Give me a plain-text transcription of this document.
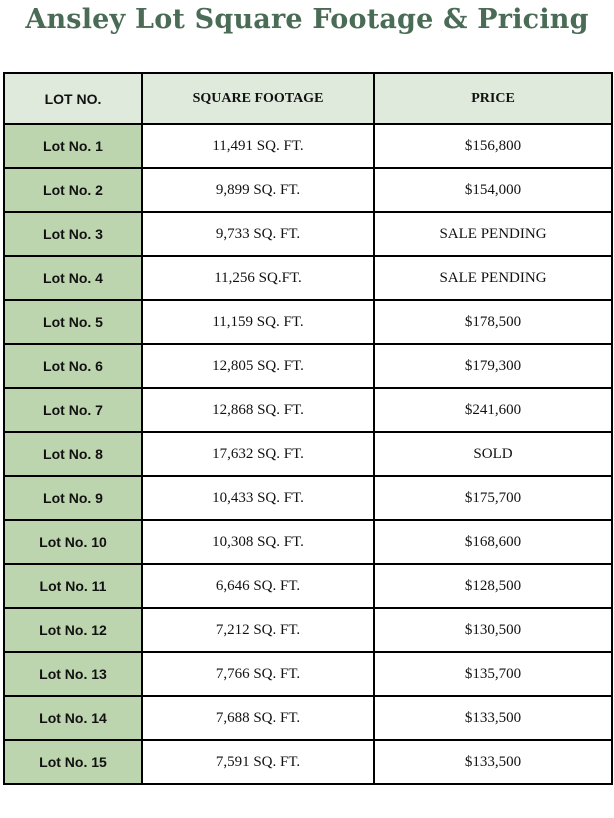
Ansley Lot Square Footage & Pricing
LOT NO.	SQUARE FOOTAGE	PRICE
Lot No. 1	11,491 SQ. FT.	$156,800
Lot No. 2	9,899 SQ. FT.	$154,000
Lot No. 3	9,733 SQ. FT.	SALE PENDING
Lot No. 4	11,256 SQ.FT.	SALE PENDING
Lot No. 5	11,159 SQ. FT.	$178,500
Lot No. 6	12,805 SQ. FT.	$179,300
Lot No. 7	12,868 SQ. FT.	$241,600
Lot No. 8	17,632 SQ. FT.	SOLD
Lot No. 9	10,433 SQ. FT.	$175,700
Lot No. 10	10,308 SQ. FT.	$168,600
Lot No. 11	6,646 SQ. FT.	$128,500
Lot No. 12	7,212 SQ. FT.	$130,500
Lot No. 13	7,766 SQ. FT.	$135,700
Lot No. 14	7,688 SQ. FT.	$133,500
Lot No. 15	7,591 SQ. FT.	$133,500
